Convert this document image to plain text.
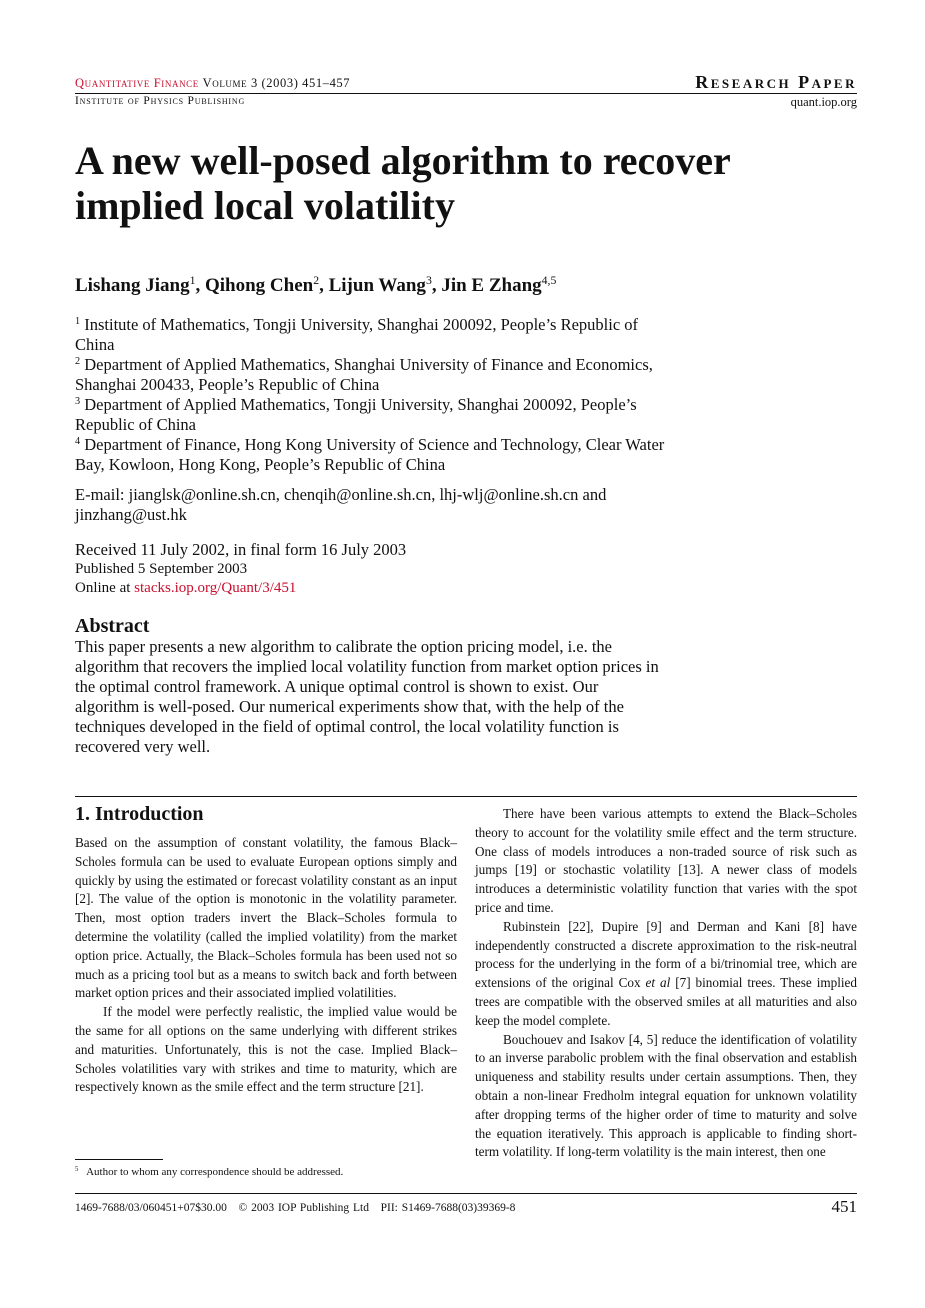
Quantitative Finance Volume 3 (2003) 451–457	Research Paper
Institute of Physics Publishing	quant.iop.org
A new well-posed algorithm to recover implied local volatility
Lishang Jiang$^1$, Qihong Chen$^2$, Lijun Wang$^3$, Jin E Zhang$^{4,5}$
$^1$ Institute of Mathematics, Tongji University, Shanghai 200092, People’s Republic of China
$^2$ Department of Applied Mathematics, Shanghai University of Finance and Economics, Shanghai 200433, People’s Republic of China
$^3$ Department of Applied Mathematics, Tongji University, Shanghai 200092, People’s Republic of China
$^4$ Department of Finance, Hong Kong University of Science and Technology, Clear Water Bay, Kowloon, Hong Kong, People’s Republic of China
E-mail: jianglsk@online.sh.cn, chenqih@online.sh.cn, lhj-wlj@online.sh.cn and jinzhang@ust.hk
Received 11 July 2002, in final form 16 July 2003
Published 5 September 2003
Online at stacks.iop.org/Quant/3/451
Abstract
This paper presents a new algorithm to calibrate the option pricing model, i.e. the algorithm that recovers the implied local volatility function from market option prices in the optimal control framework. A unique optimal control is shown to exist. Our algorithm is well-posed. Our numerical experiments show that, with the help of the techniques developed in the field of optimal control, the local volatility function is recovered very well.
1. Introduction

Based on the assumption of constant volatility, the famous Black–Scholes formula can be used to evaluate European options simply and quickly by using the estimated or forecast volatility constant as an input [2]. The value of the option is monotonic in the volatility parameter. Then, most option traders invert the Black–Scholes formula to determine the volatility (called the implied volatility) from the market option price. Actually, the Black–Scholes formula has been used not so much as a pricing tool but as a means to switch back and forth between market option prices and their associated implied volatilities.

If the model were perfectly realistic, the implied value would be the same for all options on the same underlying with different strikes and maturities. Unfortunately, this is not the case. Implied Black–Scholes volatilities vary with strikes and time to maturity, which are respectively known as the smile effect and the term structure [21].

There have been various attempts to extend the Black–Scholes theory to account for the volatility smile effect and the term structure. One class of models introduces a non-traded source of risk such as jumps [19] or stochastic volatility [13]. A newer class of models introduces a deterministic volatility function that varies with the spot price and time.

Rubinstein [22], Dupire [9] and Derman and Kani [8] have independently constructed a discrete approximation to the risk-neutral process for the underlying in the form of a bi/trinomial tree, which are extensions of the original Cox et al [7] binomial trees. These implied trees are compatible with the observed smiles at all maturities and also keep the model complete.

Bouchouev and Isakov [4, 5] reduce the identification of volatility to an inverse parabolic problem with the final observation and establish uniqueness and stability results under certain assumptions. Then, they obtain a non-linear Fredholm integral equation for unknown volatility after dropping terms of the higher order of time to maturity and solve the equation iteratively. This approach is applicable to finding short-term volatility. If long-term volatility is the main interest, then one

$^5$ Author to whom any correspondence should be addressed.
1469-7688/03/060451+07$30.00   © 2003 IOP Publishing Ltd   PII: S1469-7688(03)39369-8	451
